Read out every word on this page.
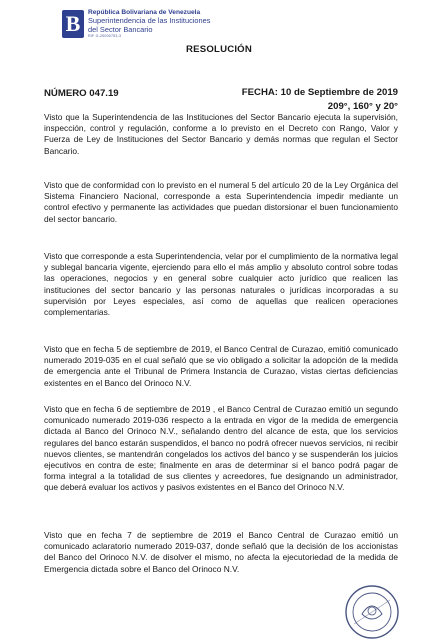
B	República Bolivariana de Venezuela
Superintendencia de las Instituciones
del Sector Bancario
RIF G-20000753-3
RESOLUCIÓN
NÚMERO 047.19	FECHA: 10 de Septiembre de 2019
209°, 160° y 20°

Visto que la Superintendencia de las Instituciones del Sector Bancario ejecuta la supervisión, inspección, control y regulación, conforme a lo previsto en el Decreto con Rango, Valor y Fuerza de Ley de Instituciones del Sector Bancario y demás normas que regulan el Sector Bancario.

Visto que de conformidad con lo previsto en el numeral 5 del artículo 20 de la Ley Orgánica del Sistema Financiero Nacional, corresponde a esta Superintendencia impedir mediante un control efectivo y permanente las actividades que puedan distorsionar el buen funcionamiento del sector bancario.

Visto que corresponde a esta Superintendencia, velar por el cumplimiento de la normativa legal y sublegal bancaria vigente, ejerciendo para ello el más amplio y absoluto control sobre todas las operaciones, negocios y en general sobre cualquier acto jurídico que realicen las instituciones del sector bancario y las personas naturales o jurídicas incorporadas a su supervisión por Leyes especiales, así como de aquellas que realicen operaciones complementarias.

Visto que en fecha 5 de septiembre de 2019, el Banco Central de Curazao, emitió comunicado numerado 2019-035 en el cual señaló que se vio obligado a solicitar la adopción de la medida de emergencia ante el Tribunal de Primera Instancia de Curazao, vistas ciertas deficiencias existentes en el Banco del Orinoco N.V.

Visto que en fecha 6 de septiembre de 2019 , el Banco Central de Curazao emitió un segundo comunicado numerado 2019-036 respecto a la entrada en vigor de la medida de emergencia dictada al Banco del Orinoco N.V., señalando dentro del alcance de esta, que los servicios regulares del banco estarán suspendidos, el banco no podrá ofrecer nuevos servicios, ni recibir nuevos clientes, se mantendrán congelados los activos del banco y se suspenderán los juicios ejecutivos en contra de este; finalmente en aras de determinar si el banco podrá pagar de forma integral a la totalidad de sus clientes y acreedores, fue designando un administrador, que deberá evaluar los activos y pasivos existentes en el Banco del Orinoco N.V.

Visto que en fecha 7 de septiembre de 2019 el Banco Central de Curazao emitió un comunicado aclaratorio numerado 2019-037, donde señaló que la decisión de los accionistas del Banco del Orinoco N.V. de disolver el mismo, no afecta la ejecutoriedad de la medida de Emergencia dictada sobre el Banco del Orinoco N.V.
